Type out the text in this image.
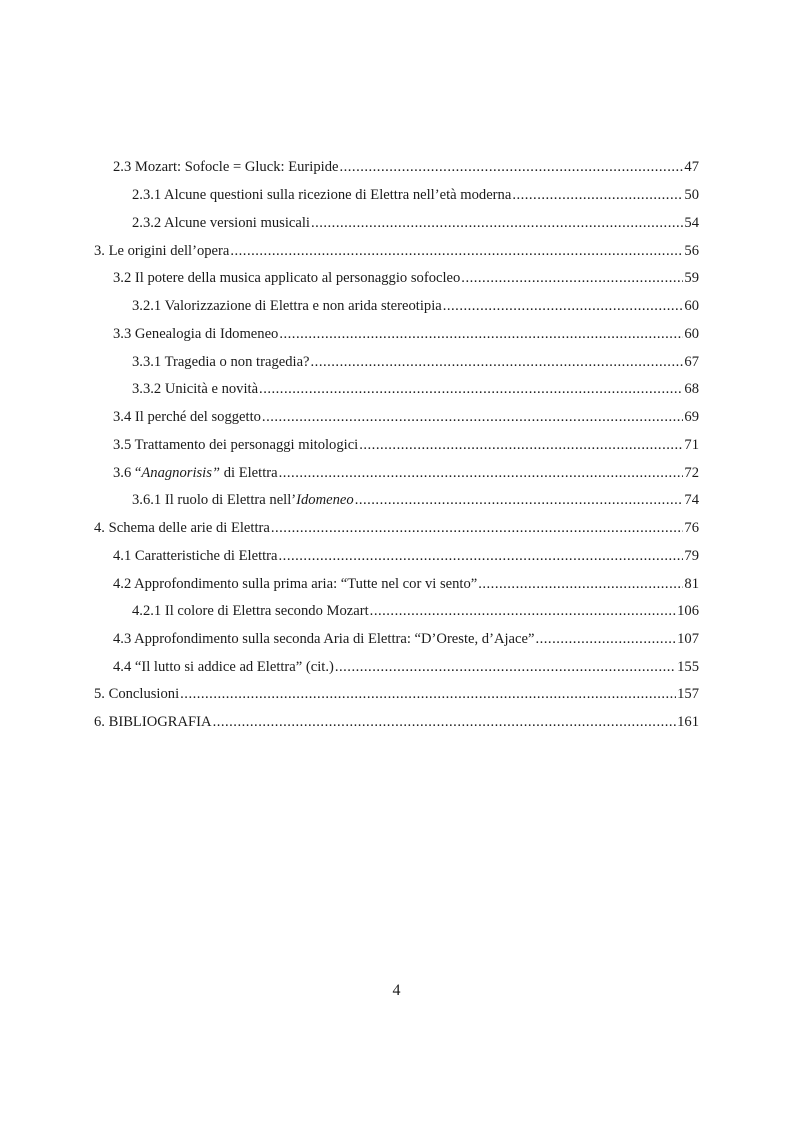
2.3 Mozart: Sofocle = Gluck: Euripide .....	47
2.3.1 Alcune questioni sulla ricezione di Elettra nell’età moderna .....	50
2.3.2 Alcune versioni musicali .....	54
3. Le origini dell’opera .....	56
3.2 Il potere della musica applicato al personaggio sofocleo .....	59
3.2.1 Valorizzazione di Elettra e non arida stereotipia .....	60
3.3 Genealogia di Idomeneo .....	60
3.3.1 Tragedia o non tragedia? .....	67
3.3.2 Unicità e novità .....	68
3.4 Il perché del soggetto .....	69
3.5 Trattamento dei personaggi mitologici .....	71
3.6 “Anagnorisis” di Elettra .....	72
3.6.1 Il ruolo di Elettra nell’Idomeneo .....	74
4. Schema delle arie di Elettra .....	76
4.1 Caratteristiche di Elettra .....	79
4.2 Approfondimento sulla prima aria: “Tutte nel cor vi sento” .....	81
4.2.1 Il colore di Elettra secondo Mozart .....	106
4.3 Approfondimento sulla seconda Aria di Elettra: “D’Oreste, d’Ajace” .....	107
4.4 “Il lutto si addice ad Elettra” (cit.) .....	155
5. Conclusioni .....	157
6. BIBLIOGRAFIA .....	161
4
